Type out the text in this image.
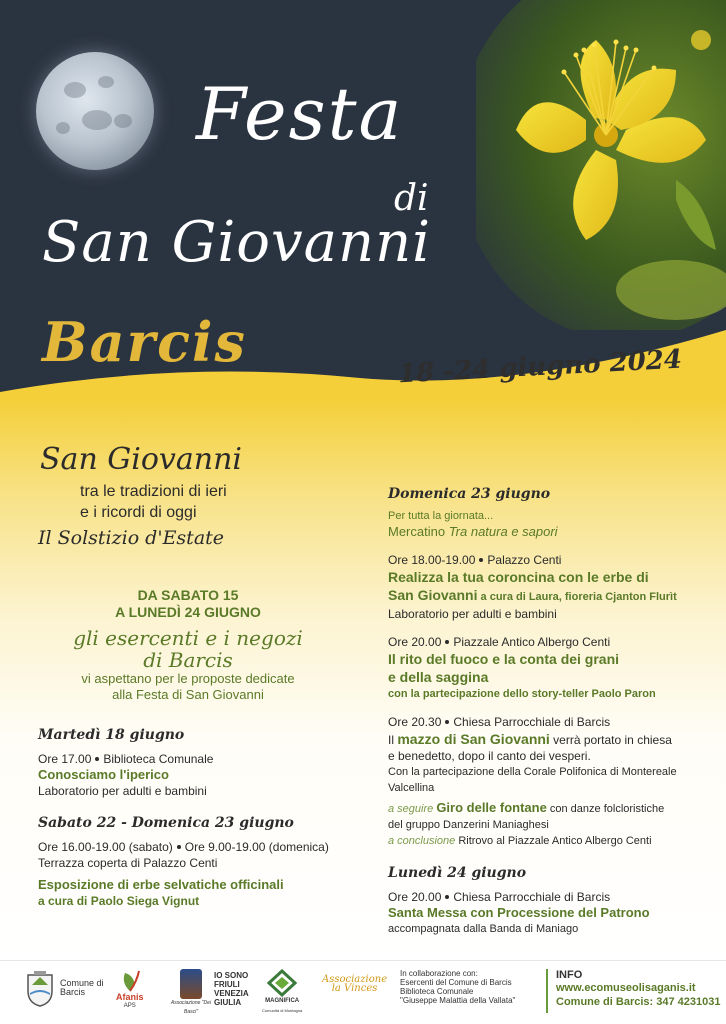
Festa
di
San Giovanni
Barcis	18 -24 giugno 2024
San Giovanni
tra le tradizioni di ieri
e i ricordi di oggi
Il Solstizio d'Estate
DA SABATO 15
A LUNEDÌ 24 GIUGNO
gli esercenti e i negozi
di Barcis
vi aspettano per le proposte dedicate
alla Festa di San Giovanni
Martedì 18 giugno
Ore 17.00 Biblioteca Comunale
Conosciamo l'iperico
Laboratorio per adulti e bambini
Sabato 22 - Domenica 23 giugno
Ore 16.00-19.00 (sabato) Ore 9.00-19.00 (domenica)
Terrazza coperta di Palazzo Centi
Esposizione di erbe selvatiche officinali
a cura di Paolo Siega Vignut
Domenica 23 giugno
Per tutta la giornata...
Mercatino Tra natura e sapori
Ore 18.00-19.00 Palazzo Centi
Realizza la tua coroncina con le erbe di
San Giovanni a cura di Laura, fioreria Cjanton Flurìt
Laboratorio per adulti e bambini
Ore 20.00 Piazzale Antico Albergo Centi
Il rito del fuoco e la conta dei grani
e della saggina
con la partecipazione dello story-teller Paolo Paron
Ore 20.30 Chiesa Parrocchiale di Barcis
Il mazzo di San Giovanni verrà portato in chiesa
e benedetto, dopo il canto dei vesperi.
Con la partecipazione della Corale Polifonica di Montereale
Valcellina
a seguire Giro delle fontane con danze folcloristiche
del gruppo Danzerini Maniaghesi
a conclusione Ritrovo al Piazzale Antico Albergo Centi
Lunedì 24 giugno
Ore 20.00 Chiesa Parrocchiale di Barcis
Santa Messa con Processione del Patrono
accompagnata dalla Banda di Maniago
Comune di
Barcis	Afanis
APS	Associazione "Dei Basci"
IO SONO
FRIULI
VENEZIA
GIULIA	MAGNIFICA
Comunità di Montagna
Associazione
la Vinces
In collaborazione con:
Esercenti del Comune di Barcis
Biblioteca Comunale
"Giuseppe Malattia della Vallata"
INFO
www.ecomuseolisaganis.it
Comune di Barcis: 347 4231031
